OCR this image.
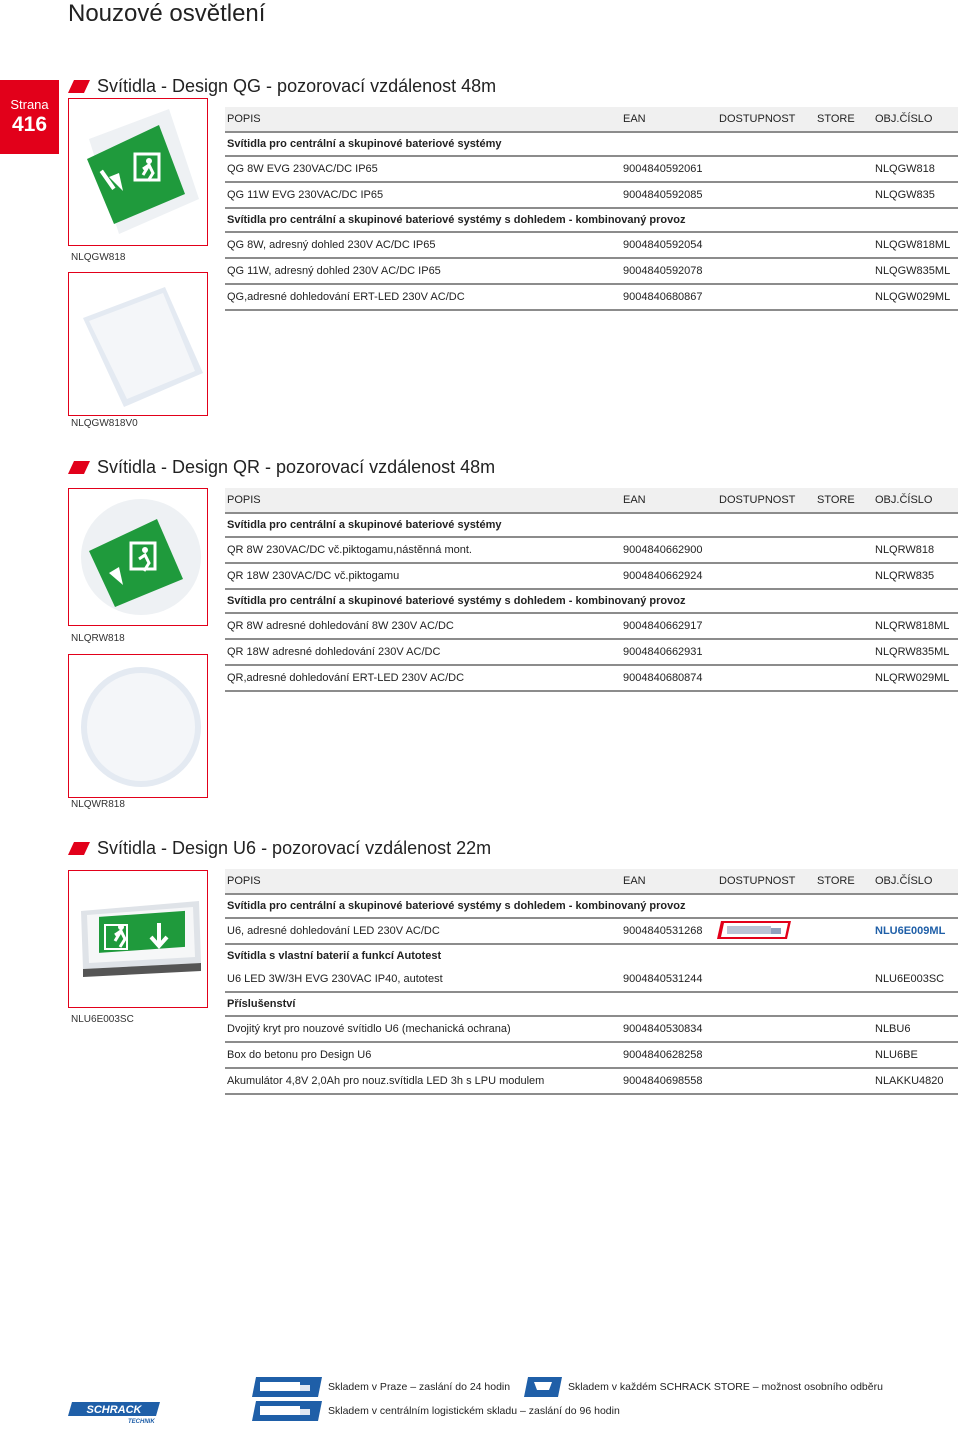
Nouzové osvětlení
Strana
416
Svítidla - Design QG - pozorovací vzdálenost 48m
NLQGW818
NLQGW818V0
POPIS	EAN	DOSTUPNOST STORE OBJ.ČÍSLO
Svítidla pro centrální a skupinové bateriové systémy
QG 8W EVG 230VAC/DC IP65	9004840592061	NLQGW818
QG 11W EVG 230VAC/DC IP65	9004840592085	NLQGW835
Svítidla pro centrální a skupinové bateriové systémy s dohledem - kombinovaný provoz
QG 8W, adresný dohled 230V AC/DC IP65	9004840592054	NLQGW818ML
QG 11W, adresný dohled 230V AC/DC IP65	9004840592078	NLQGW835ML
QG,adresné dohledování ERT-LED 230V AC/DC	9004840680867	NLQGW029ML
Svítidla - Design QR - pozorovací vzdálenost 48m
NLQRW818
NLQWR818
POPIS	EAN	DOSTUPNOST STORE OBJ.ČÍSLO
Svítidla pro centrální a skupinové bateriové systémy
QR 8W 230VAC/DC vč.piktogamu,nástěnná mont.	9004840662900	NLQRW818
QR 18W 230VAC/DC vč.piktogamu	9004840662924	NLQRW835
Svítidla pro centrální a skupinové bateriové systémy s dohledem - kombinovaný provoz
QR 8W adresné dohledování 8W 230V AC/DC	9004840662917	NLQRW818ML
QR 18W adresné dohledování 230V AC/DC	9004840662931	NLQRW835ML
QR,adresné dohledování ERT-LED 230V AC/DC	9004840680874	NLQRW029ML
Svítidla - Design U6 - pozorovací vzdálenost 22m
NLU6E003SC
POPIS	EAN	DOSTUPNOST STORE OBJ.ČÍSLO
Svítidla pro centrální a skupinové bateriové systémy s dohledem - kombinovaný provoz
U6, adresné dohledování LED 230V AC/DC	9004840531268	NLU6E009ML
Svítidla s vlastní baterií a funkcí Autotest
U6 LED 3W/3H EVG 230VAC IP40, autotest	9004840531244	NLU6E003SC
Příslušenství
Dvojitý kryt pro nouzové svítidlo U6 (mechanická ochrana)	9004840530834	NLBU6
Box do betonu pro Design U6	9004840628258	NLU6BE
Akumulátor 4,8V 2,0Ah pro nouz.svítidla LED 3h s LPU modulem	9004840698558	NLAKKU4820
Skladem v Praze – zaslání do 24 hodin	Skladem v každém SCHRACK STORE – možnost osobního odběru
Skladem v centrálním logistickém skladu – zaslání do 96 hodin
SCHRACK
TECHNIK
